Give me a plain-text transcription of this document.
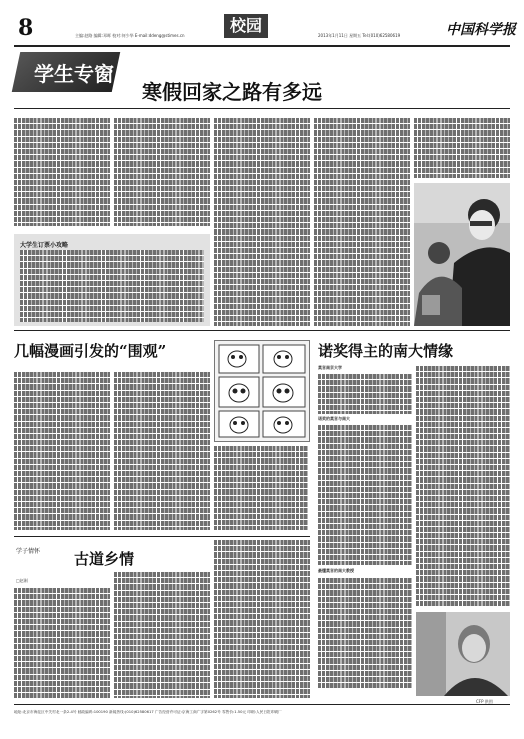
8	主编:赵路 编辑:邓晖 校对:何少华 E-mail:ddeng@stimes.cn
校园
2013年1月11日 星期五 Tel:(010)62580619	中国科学报
学生专窗
寒假回家之路有多远
大学生订票小攻略
几幅漫画引发的“围观”	诺奖得主的南大情缘
莫言南京大学
诺奖的莫言与南大
最懂莫言的南大教授
CFP 供图
学子情怀 古道乡情
□赵刚
地址:北京市海淀区中关村北一条2-4号 邮政编码:100190 新闻热线:(010)62580617 广告经营许可证:京海工商广字第0262号 零售价:1.50元 印刷:人民日报印刷厂
